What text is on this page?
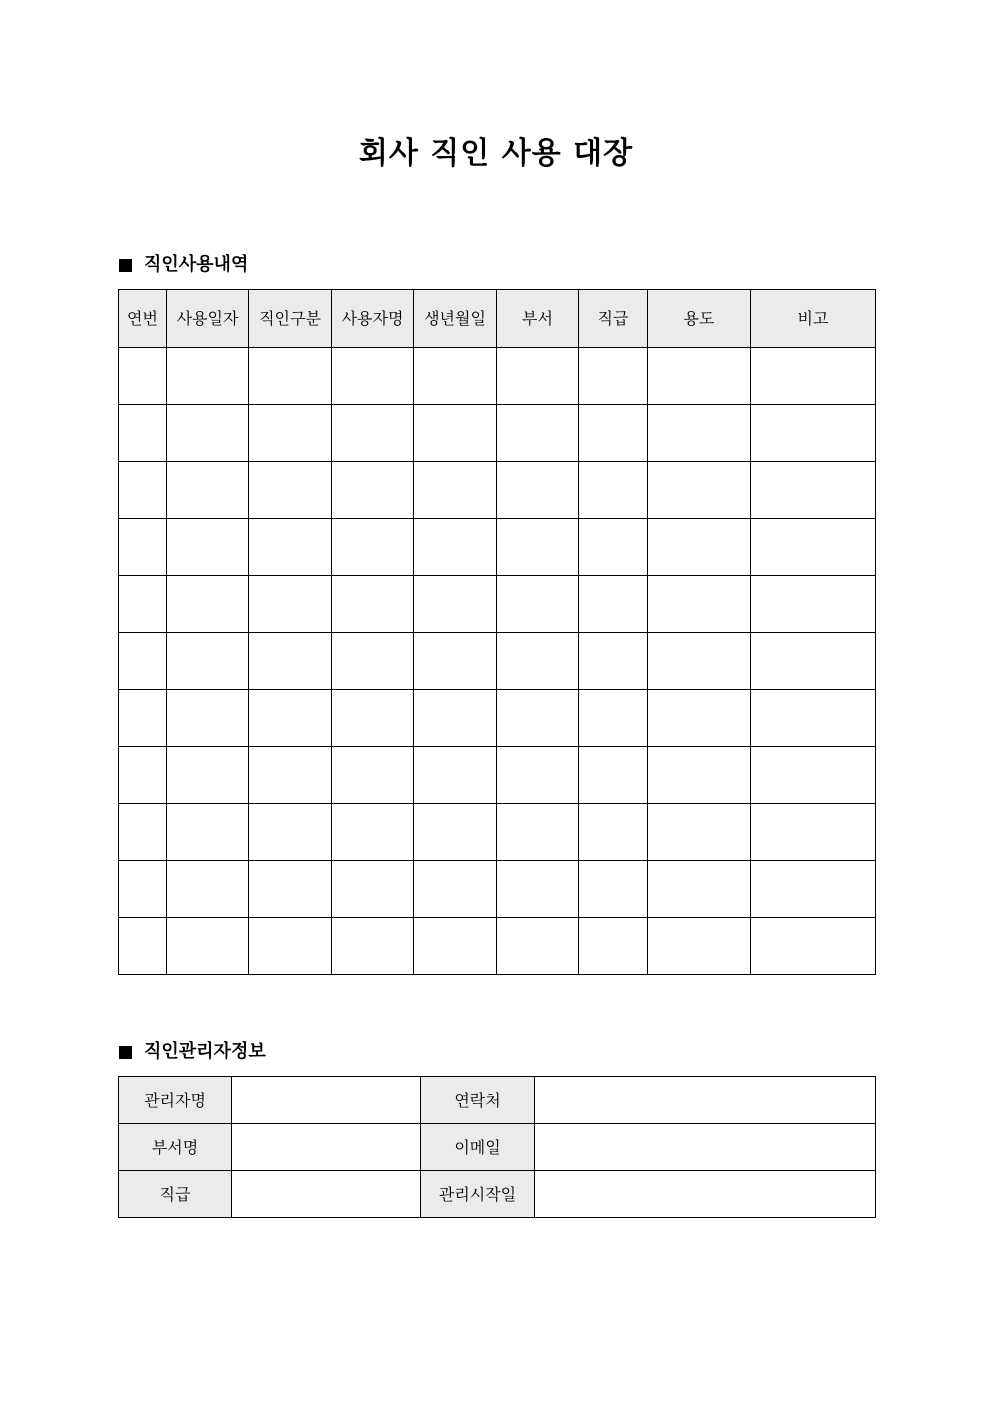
회사 직인 사용 대장
직인사용내역
연번	사용일자	직인구분	사용자명	생년월일	부서	직급	용도	비고

직인관리자정보
관리자명		연락처	
부서명		이메일	
직급		관리시작일	
